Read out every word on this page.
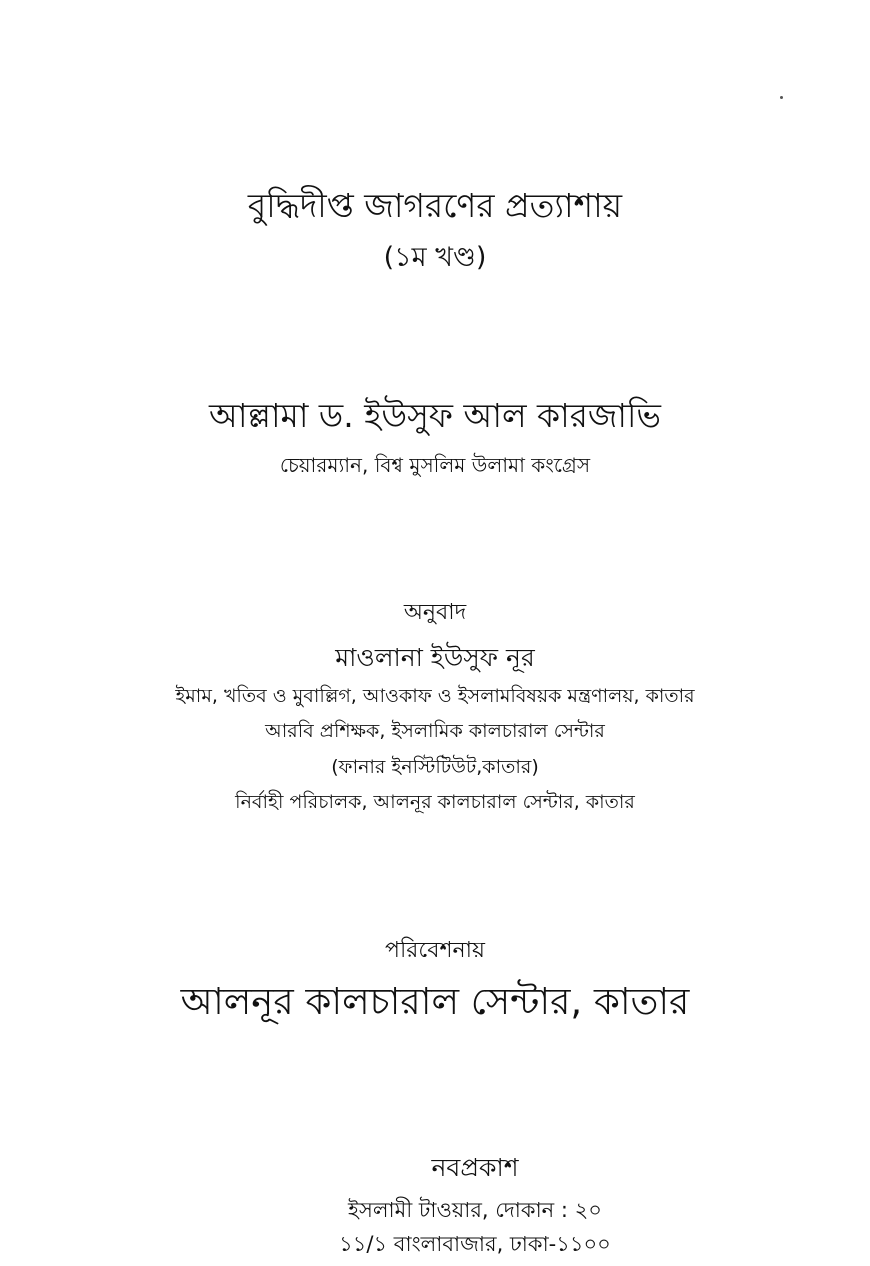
বুদ্ধিদীপ্ত জাগরণের প্রত্যাশায়
(১ম খণ্ড)
আল্লামা ড. ইউসুফ আল কারজাভি
চেয়ারম্যান, বিশ্ব মুসলিম উলামা কংগ্রেস
অনুবাদ
মাওলানা ইউসুফ নূর
ইমাম, খতিব ও মুবাল্লিগ, আওকাফ ও ইসলামবিষয়ক মন্ত্রণালয়, কাতার
আরবি প্রশিক্ষক, ইসলামিক কালচারাল সেন্টার
(ফানার ইনস্টিটিউট,কাতার)
নির্বাহী পরিচালক, আলনূর কালচারাল সেন্টার, কাতার
পরিবেশনায়
আলনূর কালচারাল সেন্টার, কাতার
নবপ্রকাশ
ইসলামী টাওয়ার, দোকান : ২০
১১/১ বাংলাবাজার, ঢাকা-১১০০
